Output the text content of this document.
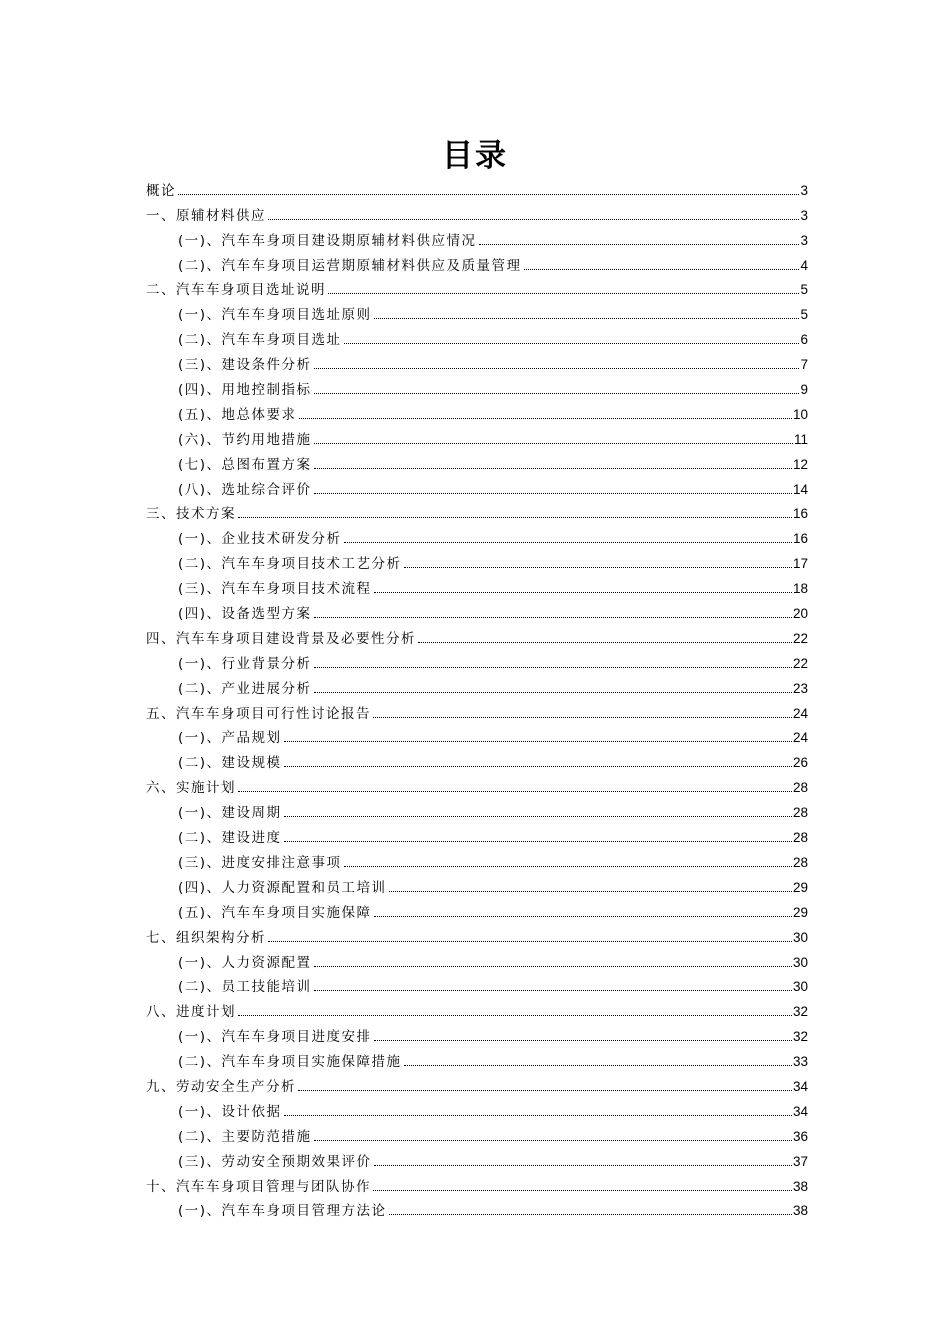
目录
概论	3
一、原辅材料供应	3
(一)、汽车车身项目建设期原辅材料供应情况	3
(二)、汽车车身项目运营期原辅材料供应及质量管理	4
二、汽车车身项目选址说明	5
(一)、汽车车身项目选址原则	5
(二)、汽车车身项目选址	6
(三)、建设条件分析	7
(四)、用地控制指标	9
(五)、地总体要求	10
(六)、节约用地措施	11
(七)、总图布置方案	12
(八)、选址综合评价	14
三、技术方案	16
(一)、企业技术研发分析	16
(二)、汽车车身项目技术工艺分析	17
(三)、汽车车身项目技术流程	18
(四)、设备选型方案	20
四、汽车车身项目建设背景及必要性分析	22
(一)、行业背景分析	22
(二)、产业进展分析	23
五、汽车车身项目可行性讨论报告	24
(一)、产品规划	24
(二)、建设规模	26
六、实施计划	28
(一)、建设周期	28
(二)、建设进度	28
(三)、进度安排注意事项	28
(四)、人力资源配置和员工培训	29
(五)、汽车车身项目实施保障	29
七、组织架构分析	30
(一)、人力资源配置	30
(二)、员工技能培训	30
八、进度计划	32
(一)、汽车车身项目进度安排	32
(二)、汽车车身项目实施保障措施	33
九、劳动安全生产分析	34
(一)、设计依据	34
(二)、主要防范措施	36
(三)、劳动安全预期效果评价	37
十、汽车车身项目管理与团队协作	38
(一)、汽车车身项目管理方法论	38
